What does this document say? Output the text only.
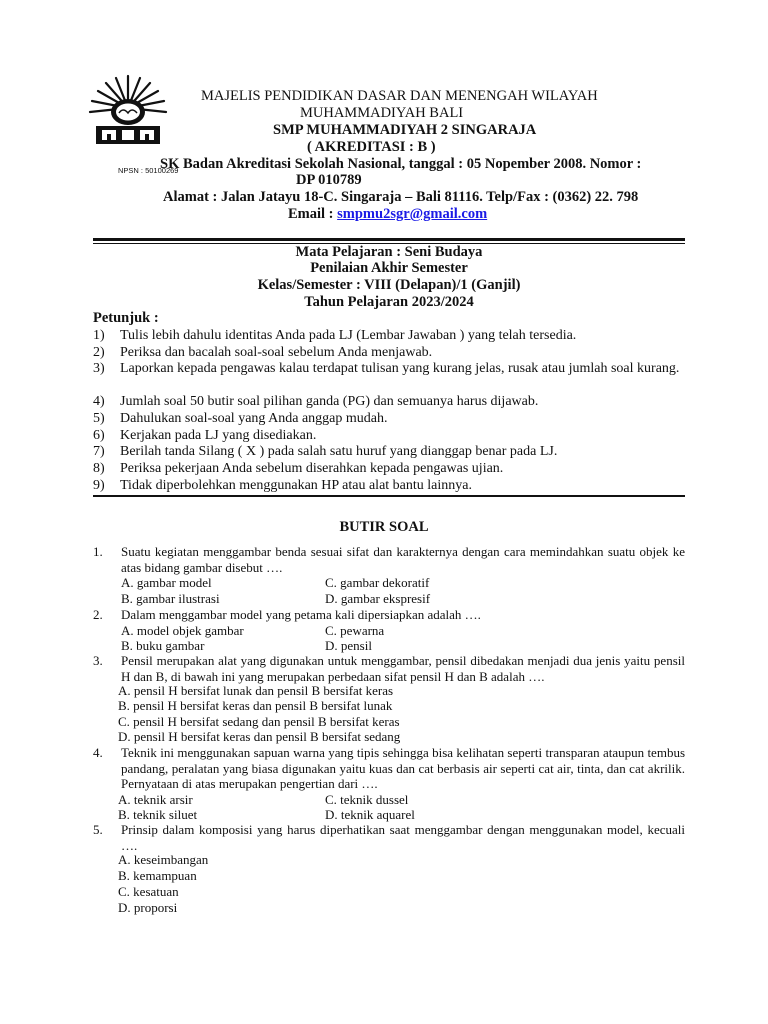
NPSN : 50100269
MAJELIS PENDIDIKAN DASAR DAN MENENGAH WILAYAH
MUHAMMADIYAH BALI
SMP MUHAMMADIYAH 2 SINGARAJA
( AKREDITASI : B )
SK Badan Akreditasi Sekolah Nasional, tanggal : 05 Nopember 2008. Nomor :
DP 010789
Alamat : Jalan Jatayu 18-C. Singaraja – Bali 81116. Telp/Fax : (0362) 22. 798
Email : smpmu2sgr@gmail.com
Mata Pelajaran : Seni Budaya
Penilaian Akhir Semester
Kelas/Semester : VIII (Delapan)/1 (Ganjil)
Tahun Pelajaran 2023/2024
Petunjuk :
1) Tulis lebih dahulu identitas Anda pada LJ (Lembar Jawaban ) yang telah tersedia.
2) Periksa dan bacalah soal-soal sebelum Anda menjawab.
3) Laporkan kepada pengawas kalau terdapat tulisan yang kurang jelas, rusak atau jumlah soal kurang.
4) Jumlah soal 50 butir soal pilihan ganda (PG) dan semuanya harus dijawab.
5) Dahulukan soal-soal yang Anda anggap mudah.
6) Kerjakan pada LJ yang disediakan.
7) Berilah tanda Silang ( X ) pada salah satu huruf yang dianggap benar pada LJ.
8) Periksa pekerjaan Anda sebelum diserahkan kepada pengawas ujian.
9) Tidak diperbolehkan menggunakan HP atau alat bantu lainnya.
BUTIR SOAL
1. Suatu kegiatan menggambar benda sesuai sifat dan karakternya dengan cara memindahkan suatu objek ke atas bidang gambar disebut ….
A. gambar model	C. gambar dekoratif
B. gambar ilustrasi	D. gambar ekspresif
2. Dalam menggambar model yang petama kali dipersiapkan adalah ….
A. model objek gambar	C. pewarna
B. buku gambar	D. pensil
3. Pensil merupakan alat yang digunakan untuk menggambar, pensil dibedakan menjadi dua jenis yaitu pensil H dan B, di bawah ini yang merupakan perbedaan sifat pensil H dan B adalah ….
A. pensil H bersifat lunak dan pensil B bersifat keras
B. pensil H bersifat keras dan pensil B bersifat lunak
C. pensil H bersifat sedang dan pensil B bersifat keras
D. pensil H bersifat keras dan pensil B bersifat sedang
4. Teknik ini menggunakan sapuan warna yang tipis sehingga bisa kelihatan seperti transparan ataupun tembus pandang, peralatan yang biasa digunakan yaitu kuas dan cat berbasis air seperti cat air, tinta, dan cat akrilik. Pernyataan di atas merupakan pengertian dari ….
A. teknik arsir	C. teknik dussel
B. teknik siluet	D. teknik aquarel
5. Prinsip dalam komposisi yang harus diperhatikan saat menggambar dengan menggunakan model, kecuali ….
A. keseimbangan
B. kemampuan
C. kesatuan
D. proporsi
